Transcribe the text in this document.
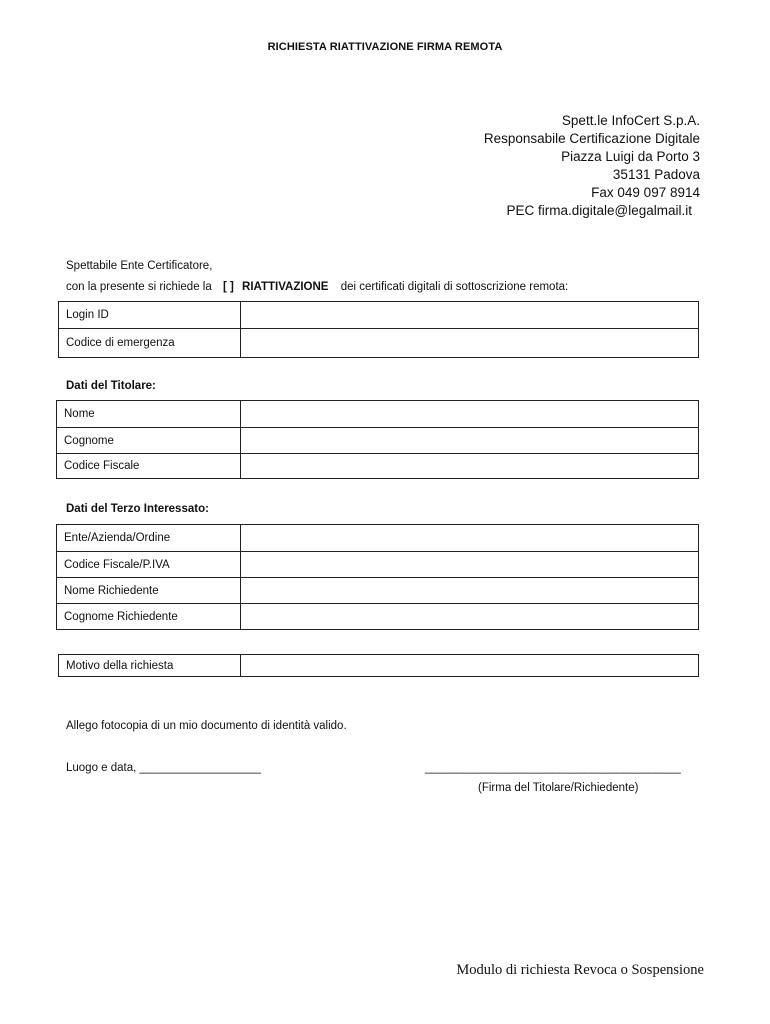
RICHIESTA RIATTIVAZIONE FIRMA REMOTA
Spett.le InfoCert S.p.A.
Responsabile Certificazione Digitale
Piazza Luigi da Porto 3
35131 Padova
Fax 049 097 8914
PEC firma.digitale@legalmail.it
Spettabile Ente Certificatore,
con la presente si richiede la [ ] RIATTIVAZIONE dei certificati digitali di sottoscrizione remota:
Login ID	
Codice di emergenza	
Dati del Titolare:
Nome	
Cognome	
Codice Fiscale	
Dati del Terzo Interessato:
Ente/Azienda/Ordine	
Codice Fiscale/P.IVA	
Nome Richiedente	
Cognome Richiedente	
Motivo della richiesta	
Allego fotocopia di un mio documento di identità valido.
Luogo e data, ___________________	________________________________________
(Firma del Titolare/Richiedente)
Modulo di richiesta Revoca o Sospensione
